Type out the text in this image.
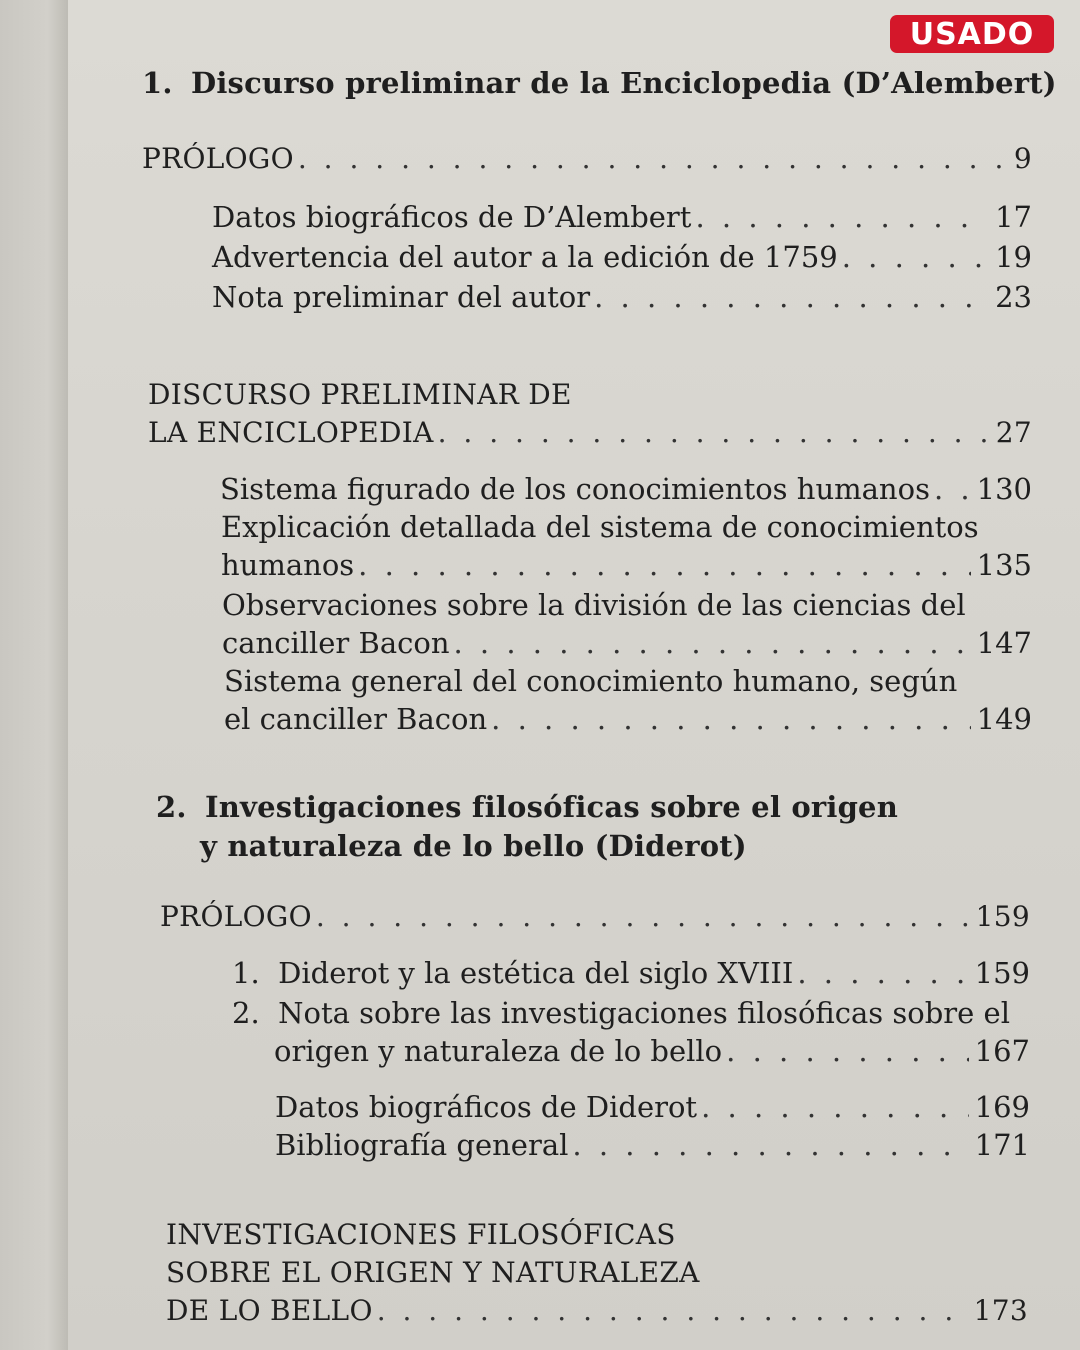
USADO
1. Discurso preliminar de la Enciclopedia (D’Alembert)
PRÓLOGO . . .	9
Datos biográficos de D’Alembert . . .	17
Advertencia del autor a la edición de 1759 . . .	19
Nota preliminar del autor . . .	23
DISCURSO PRELIMINAR DE
LA ENCICLOPEDIA . . .	27
Sistema figurado de los conocimientos humanos . . . 130
Explicación detallada del sistema de conocimientos
humanos . . .	135
Observaciones sobre la división de las ciencias del
canciller Bacon . . .	147
Sistema general del conocimiento humano, según
el canciller Bacon . . .	149
2. Investigaciones filosóficas sobre el origen
y naturaleza de lo bello (Diderot)
PRÓLOGO . . .	159
1. Diderot y la estética del siglo XVIII . . .	159
2. Nota sobre las investigaciones filosóficas sobre el
origen y naturaleza de lo bello . . .	167
Datos biográficos de Diderot . . .	169
Bibliografía general . . .	171
INVESTIGACIONES FILOSÓFICAS
SOBRE EL ORIGEN Y NATURALEZA
DE LO BELLO . . .	173
